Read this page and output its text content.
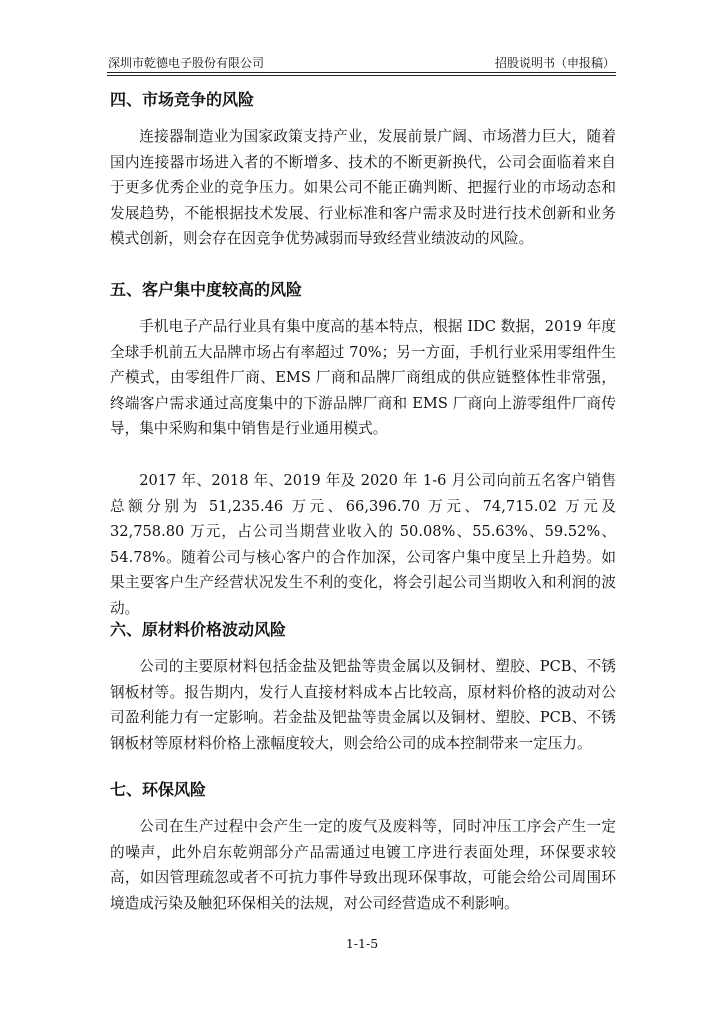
深圳市乾德电子股份有限公司	招股说明书（申报稿）
四、市场竞争的风险

连接器制造业为国家政策支持产业，发展前景广阔、市场潜力巨大，随着国内连接器市场进入者的不断增多、技术的不断更新换代，公司会面临着来自于更多优秀企业的竞争压力。如果公司不能正确判断、把握行业的市场动态和发展趋势，不能根据技术发展、行业标准和客户需求及时进行技术创新和业务模式创新，则会存在因竞争优势减弱而导致经营业绩波动的风险。

五、客户集中度较高的风险

手机电子产品行业具有集中度高的基本特点，根据 IDC 数据，2019 年度全球手机前五大品牌市场占有率超过 70%；另一方面，手机行业采用零组件生产模式，由零组件厂商、EMS 厂商和品牌厂商组成的供应链整体性非常强，终端客户需求通过高度集中的下游品牌厂商和 EMS 厂商向上游零组件厂商传导，集中采购和集中销售是行业通用模式。

2017 年、2018 年、2019 年及 2020 年 1-6 月公司向前五名客户销售总额分别为 51,235.46 万元、66,396.70 万元、74,715.02 万元及 32,758.80 万元，占公司当期营业收入的 50.08%、55.63%、59.52%、54.78%。随着公司与核心客户的合作加深，公司客户集中度呈上升趋势。如果主要客户生产经营状况发生不利的变化，将会引起公司当期收入和利润的波动。

六、原材料价格波动风险

公司的主要原材料包括金盐及钯盐等贵金属以及铜材、塑胶、PCB、不锈钢板材等。报告期内，发行人直接材料成本占比较高，原材料价格的波动对公司盈利能力有一定影响。若金盐及钯盐等贵金属以及铜材、塑胶、PCB、不锈钢板材等原材料价格上涨幅度较大，则会给公司的成本控制带来一定压力。

七、环保风险

公司在生产过程中会产生一定的废气及废料等，同时冲压工序会产生一定的噪声，此外启东乾朔部分产品需通过电镀工序进行表面处理，环保要求较高，如因管理疏忽或者不可抗力事件导致出现环保事故，可能会给公司周围环境造成污染及触犯环保相关的法规，对公司经营造成不利影响。

1-1-5
